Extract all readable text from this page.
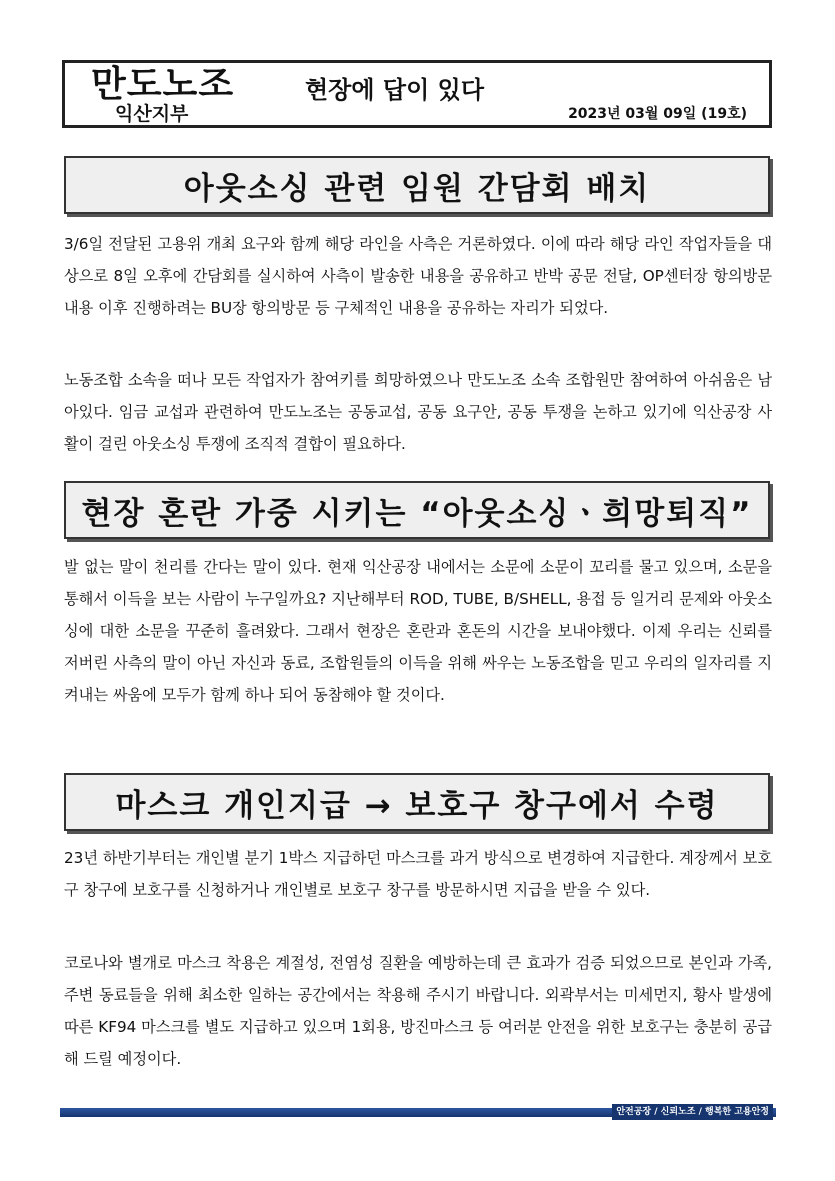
만도노조
익산지부
현장에 답이 있다
2023년 03월 09일 (19호)
아웃소싱 관련 임원 간담회 배치

3/6일 전달된 고용위 개최 요구와 함께 해당 라인을 사측은 거론하였다. 이에 따라 해당 라인 작업자들을 대상으로 8일 오후에 간담회를 실시하여 사측이 발송한 내용을 공유하고 반박 공문 전달, OP센터장 항의방문 내용 이후 진행하려는 BU장 항의방문 등 구체적인 내용을 공유하는 자리가 되었다.

노동조합 소속을 떠나 모든 작업자가 참여키를 희망하였으나 만도노조 소속 조합원만 참여하여 아쉬움은 남아있다. 임금 교섭과 관련하여 만도노조는 공동교섭, 공동 요구안, 공동 투쟁을 논하고 있기에 익산공장 사활이 걸린 아웃소싱 투쟁에 조직적 결합이 필요하다.

현장 혼란 가중 시키는 “아웃소싱ㆍ희망퇴직”

발 없는 말이 천리를 간다는 말이 있다. 현재 익산공장 내에서는 소문에 소문이 꼬리를 물고 있으며, 소문을 통해서 이득을 보는 사람이 누구일까요? 지난해부터 ROD, TUBE, B/SHELL, 용접 등 일거리 문제와 아웃소싱에 대한 소문을 꾸준히 흘려왔다. 그래서 현장은 혼란과 혼돈의 시간을 보내야했다. 이제 우리는 신뢰를 저버린 사측의 말이 아닌 자신과 동료, 조합원들의 이득을 위해 싸우는 노동조합을 믿고 우리의 일자리를 지켜내는 싸움에 모두가 함께 하나 되어 동참해야 할 것이다.

마스크 개인지급 → 보호구 창구에서 수령

23년 하반기부터는 개인별 분기 1박스 지급하던 마스크를 과거 방식으로 변경하여 지급한다. 계장께서 보호구 창구에 보호구를 신청하거나 개인별로 보호구 창구를 방문하시면 지급을 받을 수 있다.

코로나와 별개로 마스크 착용은 계절성, 전염성 질환을 예방하는데 큰 효과가 검증 되었으므로 본인과 가족, 주변 동료들을 위해 최소한 일하는 공간에서는 착용해 주시기 바랍니다. 외곽부서는 미세먼지, 황사 발생에 따른 KF94 마스크를 별도 지급하고 있으며 1회용, 방진마스크 등 여러분 안전을 위한 보호구는 충분히 공급해 드릴 예정이다.

안전공장 / 신뢰노조 / 행복한 고용안정
